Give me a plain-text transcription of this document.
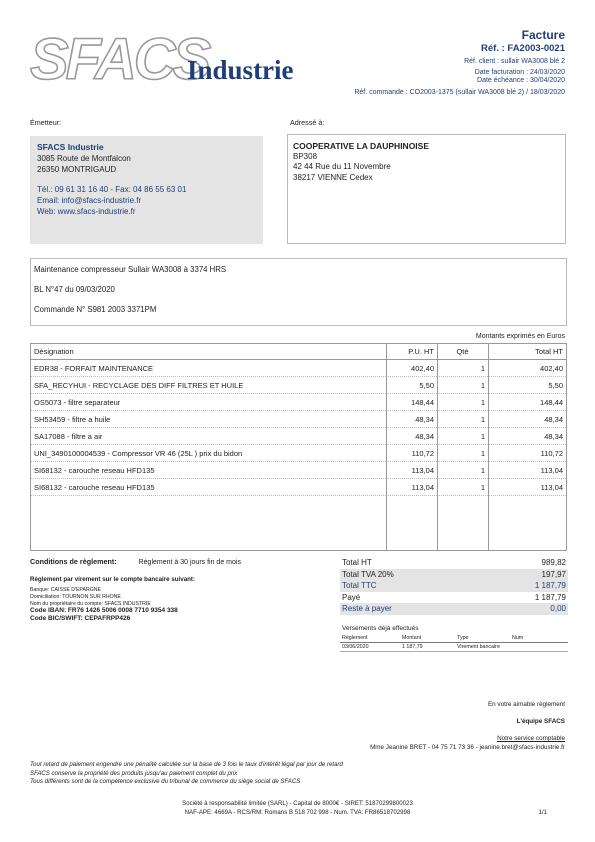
SFACS
Industrie
Facture
Réf. : FA2003-0021
Réf. client : sullair WA3008 blé 2
Date facturation : 24/03/2020
Date échéance : 30/04/2020
Réf. commande : CO2003-1375 (sullair WA3008 blé 2) / 18/03/2020
Émetteur:
SFACS Industrie
3085 Route de Montfalcon
26350 MONTRIGAUD
Tél.: 09 61 31 16 40 - Fax: 04 86 55 63 01
Email: info@sfacs-industrie.fr
Web: www.sfacs-industrie.fr
Adressé à:
COOPERATIVE LA DAUPHINOISE
BP308
42 44 Rue du 11 Novembre
38217 VIENNE Cedex
Maintenance compresseur Sullair WA3008 à 3374 HRS
BL N°47 du 09/03/2020
Commande N° S981 2003 3371PM
Montants exprimés en Euros
Désignation	P.U. HT	Qté	Total HT
EDR38 - FORFAIT MAINTENANCE	402,40	1	402,40
SFA_RECYHUI - RECYCLAGE DES DIFF FILTRES ET HUILE	5,50	1	5,50
OS5073 - filtre separateur	148,44	1	148,44
SH53459 - filtre a huile	48,34	1	48,34
SA17088 - filtre a air	48,34	1	48,34
UNI_3490100004539 - Compressor VR 46 (25L ) prix du bidon	110,72	1	110,72
SI68132 - carouche reseau HFD135	113,04	1	113,04
SI68132 - carouche reseau HFD135	113,04	1	113,04
Conditions de règlement:	Règlement à 30 jours fin de mois
Règlement par virement sur le compte bancaire suivant:
Banque: CAISSE D'EPARGNE
Domiciliation: TOURNON SUR RHONE
Nom du propriétaire du compte: SFACS INDUSTRIE
Code IBAN: FR76 1426 5006 0008 7710 9354 338
Code BIC/SWIFT: CEPAFRPP426
Total HT	989,82
Total TVA 20%	197,97
Total TTC	1 187,79
Payé	1 187,79
Reste à payer	0,00
Versements déjà effectués
Règlement	Montant	Type	Num
03/06/2020	1 187,79	Virement bancaire	
En votre aimable règlement
L'équipe SFACS
Notre service comptable
Mme Jeanine BRET - 04 75 71 73 36 - jeanine.bret@sfacs-industrie.fr
Tout retard de paiement engendre une pénalité calculée sur la base de 3 fois le taux d'intérêt légal par jour de retard
SFACS conserve la propriété des produits jusqu'au paiement complet du prix
Tous différents sont de la compétence exclusive du tribunal de commerce du siège social de SFACS
Société à responsabilité limitée (SARL) - Capital de 8000€ - SIRET: 51870299800023
NAF-APE: 4669A - RCS/RM: Romans B 518 702 998 - Num. TVA: FR86518702998	1/1
